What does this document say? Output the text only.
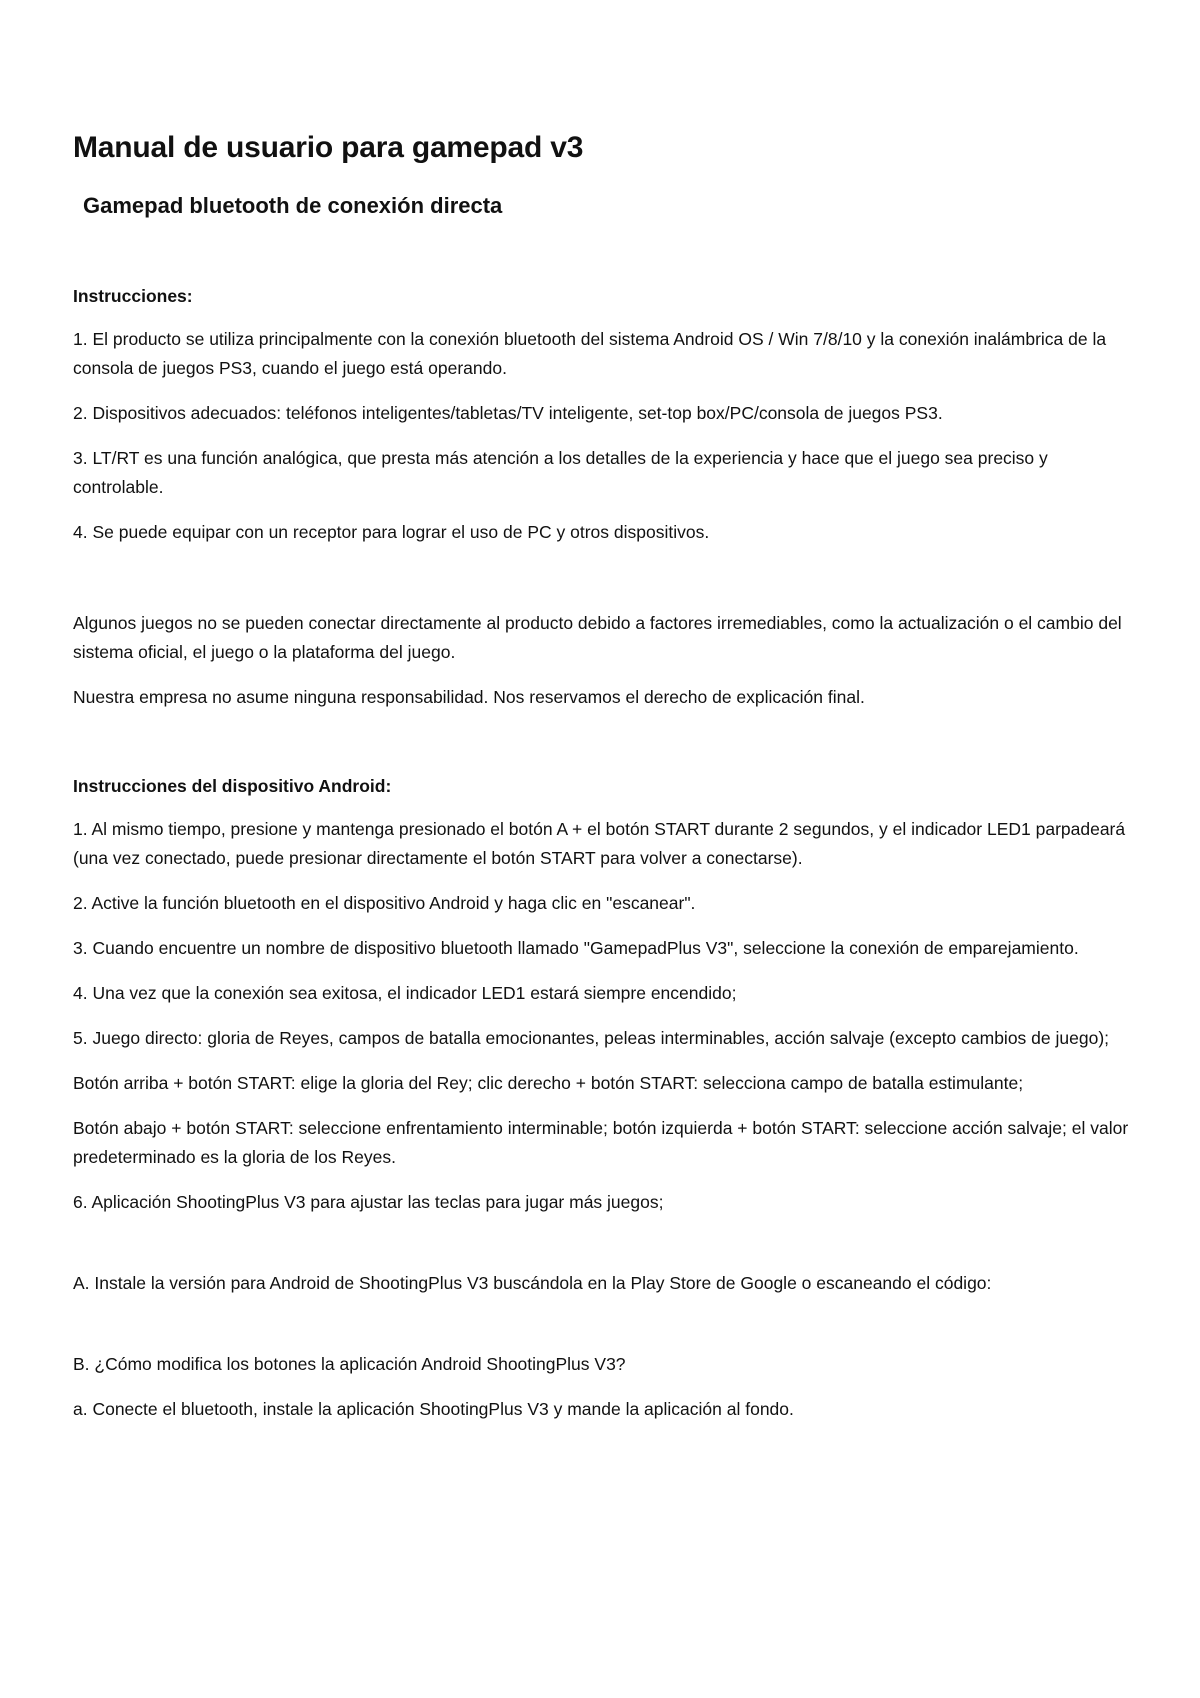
Manual de usuario para gamepad v3
Gamepad bluetooth de conexión directa

Instrucciones:

1. El producto se utiliza principalmente con la conexión bluetooth del sistema Android OS / Win 7/8/10 y la conexión inalámbrica de la consola de juegos PS3, cuando el juego está operando.

2. Dispositivos adecuados: teléfonos inteligentes/tabletas/TV inteligente, set-top box/PC/consola de juegos PS3.

3. LT/RT es una función analógica, que presta más atención a los detalles de la experiencia y hace que el juego sea preciso y controlable.

4. Se puede equipar con un receptor para lograr el uso de PC y otros dispositivos.

Algunos juegos no se pueden conectar directamente al producto debido a factores irremediables, como la actualización o el cambio del sistema oficial, el juego o la plataforma del juego.

Nuestra empresa no asume ninguna responsabilidad. Nos reservamos el derecho de explicación final.

Instrucciones del dispositivo Android:

1. Al mismo tiempo, presione y mantenga presionado el botón A + el botón START durante 2 segundos, y el indicador LED1 parpadeará (una vez conectado, puede presionar directamente el botón START para volver a conectarse).

2. Active la función bluetooth en el dispositivo Android y haga clic en "escanear".

3. Cuando encuentre un nombre de dispositivo bluetooth llamado "GamepadPlus V3", seleccione la conexión de emparejamiento.

4. Una vez que la conexión sea exitosa, el indicador LED1 estará siempre encendido;

5. Juego directo: gloria de Reyes, campos de batalla emocionantes, peleas interminables, acción salvaje (excepto cambios de juego);

Botón arriba + botón START: elige la gloria del Rey; clic derecho + botón START: selecciona campo de batalla estimulante;

Botón abajo + botón START: seleccione enfrentamiento interminable; botón izquierda + botón START: seleccione acción salvaje; el valor predeterminado es la gloria de los Reyes.

6. Aplicación ShootingPlus V3 para ajustar las teclas para jugar más juegos;

A. Instale la versión para Android de ShootingPlus V3 buscándola en la Play Store de Google o escaneando el código:

B. ¿Cómo modifica los botones la aplicación Android ShootingPlus V3?

a. Conecte el bluetooth, instale la aplicación ShootingPlus V3 y mande la aplicación al fondo.
